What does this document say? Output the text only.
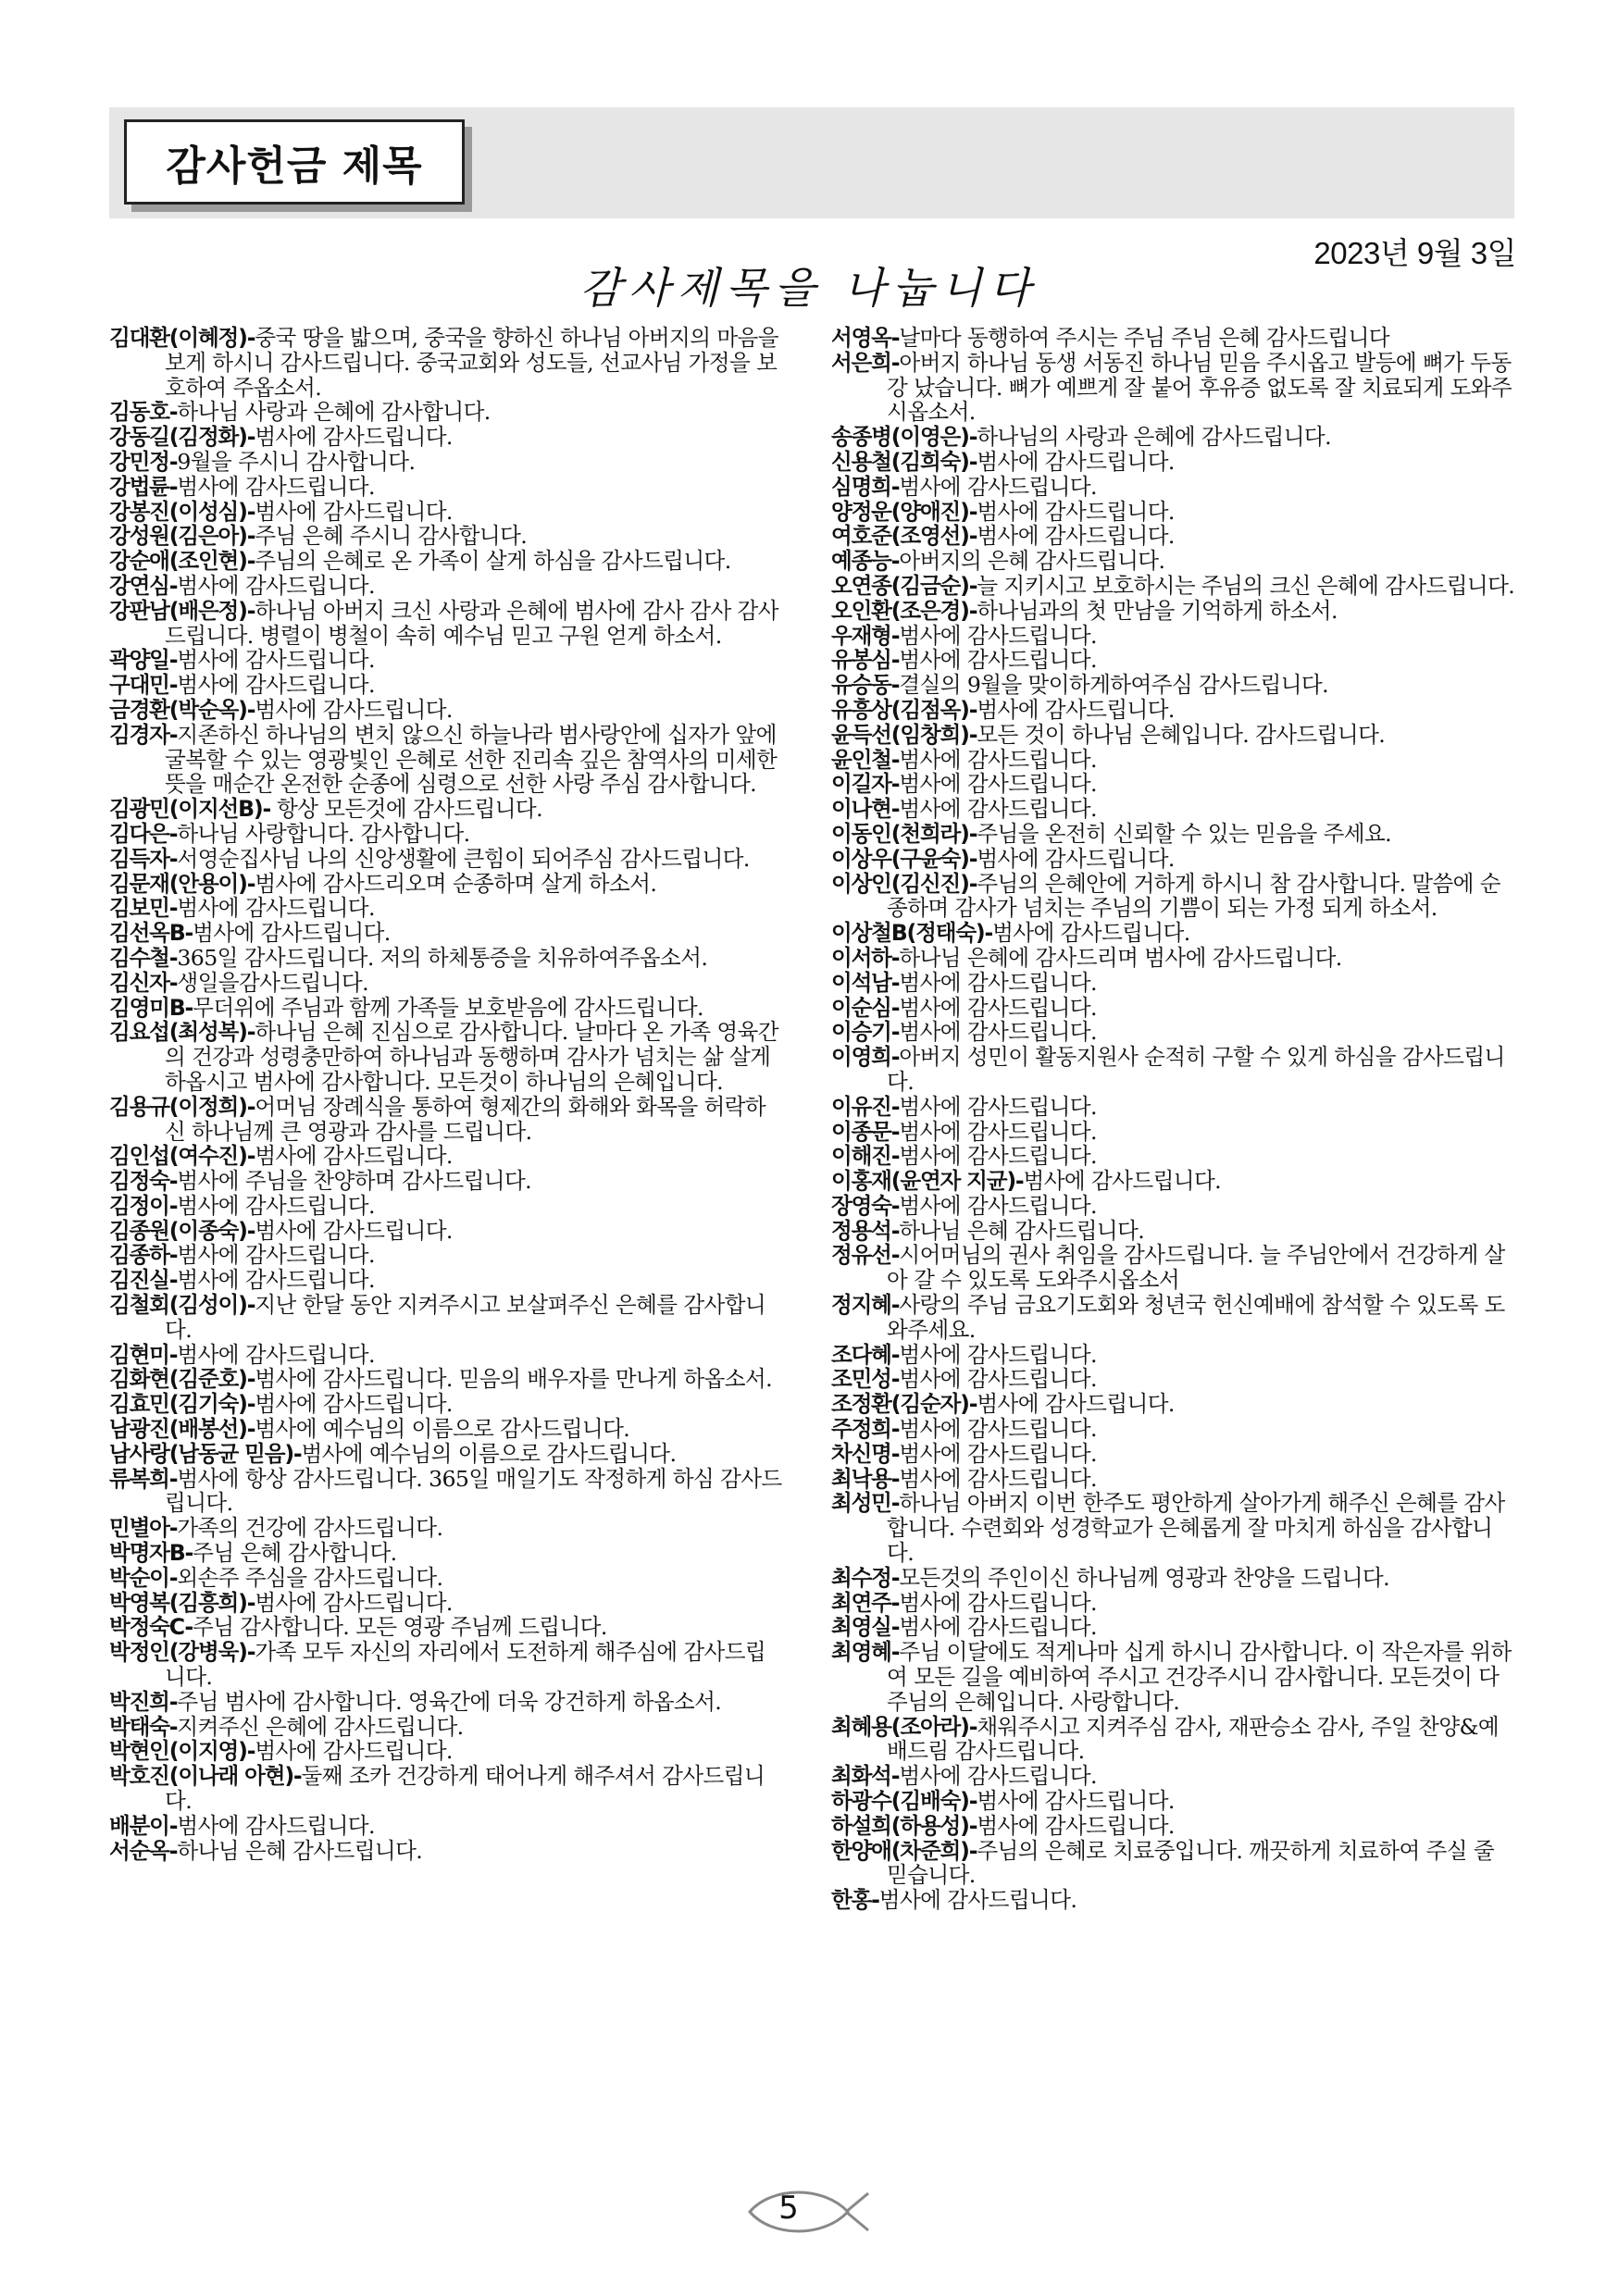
감사헌금 제목
2023년 9월 3일
감사제목을 나눕니다

김대환(이혜정)-중국 땅을 밟으며, 중국을 향하신 하나님 아버지의 마음을 보게 하시니 감사드립니다. 중국교회와 성도들, 선교사님 가정을 보호하여 주옵소서.

김동호-하나님 사랑과 은혜에 감사합니다.

강동길(김정화)-범사에 감사드립니다.

강민정-9월을 주시니 감사합니다.

강법륜-범사에 감사드립니다.

강봉진(이성심)-범사에 감사드립니다.

강성원(김은아)-주님 은혜 주시니 감사합니다.

강순애(조인현)-주님의 은혜로 온 가족이 살게 하심을 감사드립니다.

강연심-범사에 감사드립니다.

강판남(배은정)-하나님 아버지 크신 사랑과 은혜에 범사에 감사 감사 감사드립니다. 병렬이 병철이 속히 예수님 믿고 구원 얻게 하소서.

곽양일-범사에 감사드립니다.

구대민-범사에 감사드립니다.

금경환(박순옥)-범사에 감사드립니다.

김경자-지존하신 하나님의 변치 않으신 하늘나라 범사랑안에 십자가 앞에 굴복할 수 있는 영광빛인 은혜로 선한 진리속 깊은 참역사의 미세한 뜻을 매순간 온전한 순종에 심령으로 선한 사랑 주심 감사합니다.

김광민(이지선B)- 항상 모든것에 감사드립니다.

김다은-하나님 사랑합니다. 감사합니다.

김득자-서영순집사님 나의 신앙생활에 큰힘이 되어주심 감사드립니다.

김문재(안용이)-범사에 감사드리오며 순종하며 살게 하소서.

김보민-범사에 감사드립니다.

김선옥B-범사에 감사드립니다.

김수철-365일 감사드립니다. 저의 하체통증을 치유하여주옵소서.

김신자-생일을감사드립니다.

김영미B-무더위에 주님과 함께 가족들 보호받음에 감사드립니다.

김요섭(최성복)-하나님 은혜 진심으로 감사합니다. 날마다 온 가족 영육간의 건강과 성령충만하여 하나님과 동행하며 감사가 넘치는 삶 살게 하옵시고 범사에 감사합니다. 모든것이 하나님의 은혜입니다.

김용규(이정희)-어머님 장례식을 통하여 형제간의 화해와 화목을 허락하신 하나님께 큰 영광과 감사를 드립니다.

김인섭(여수진)-범사에 감사드립니다.

김정숙-범사에 주님을 찬양하며 감사드립니다.

김정이-범사에 감사드립니다.

김종원(이종숙)-범사에 감사드립니다.

김종하-범사에 감사드립니다.

김진실-범사에 감사드립니다.

김철회(김성이)-지난 한달 동안 지켜주시고 보살펴주신 은혜를 감사합니다.

김현미-범사에 감사드립니다.

김화현(김준호)-범사에 감사드립니다. 믿음의 배우자를 만나게 하옵소서.

김효민(김기숙)-범사에 감사드립니다.

남광진(배봉선)-범사에 예수님의 이름으로 감사드립니다.

남사랑(남동균 믿음)-범사에 예수님의 이름으로 감사드립니다.

류복희-범사에 항상 감사드립니다. 365일 매일기도 작정하게 하심 감사드립니다.

민별아-가족의 건강에 감사드립니다.

박명자B-주님 은혜 감사합니다.

박순이-외손주 주심을 감사드립니다.

박영복(김흥희)-범사에 감사드립니다.

박정숙C-주님 감사합니다. 모든 영광 주님께 드립니다.

박정인(강병욱)-가족 모두 자신의 자리에서 도전하게 해주심에 감사드립니다.

박진희-주님 범사에 감사합니다. 영육간에 더욱 강건하게 하옵소서.

박태숙-지켜주신 은혜에 감사드립니다.

박현인(이지영)-범사에 감사드립니다.

박호진(이나래 아현)-둘째 조카 건강하게 태어나게 해주셔서 감사드립니다.

배분이-범사에 감사드립니다.

서순옥-하나님 은혜 감사드립니다.

서영옥-날마다 동행하여 주시는 주님 주님 은혜 감사드립니다

서은희-아버지 하나님 동생 서동진 하나님 믿음 주시옵고 발등에 뼈가 두동강 났습니다. 뼈가 예쁘게 잘 붙어 후유증 없도록 잘 치료되게 도와주시옵소서.

송종병(이영은)-하나님의 사랑과 은혜에 감사드립니다.

신용철(김희숙)-범사에 감사드립니다.

심명희-범사에 감사드립니다.

양정운(양애진)-범사에 감사드립니다.

여호준(조영선)-범사에 감사드립니다.

예종능-아버지의 은혜 감사드립니다.

오연종(김금순)-늘 지키시고 보호하시는 주님의 크신 은혜에 감사드립니다.

오인환(조은경)-하나님과의 첫 만남을 기억하게 하소서.

우재형-범사에 감사드립니다.

유봉심-범사에 감사드립니다.

유승동-결실의 9월을 맞이하게하여주심 감사드립니다.

유흥상(김점옥)-범사에 감사드립니다.

윤득선(임창희)-모든 것이 하나님 은혜입니다. 감사드립니다.

윤인철-범사에 감사드립니다.

이길자-범사에 감사드립니다.

이나현-범사에 감사드립니다.

이동인(천희라)-주님을 온전히 신뢰할 수 있는 믿음을 주세요.

이상우(구윤숙)-범사에 감사드립니다.

이상인(김신진)-주님의 은혜안에 거하게 하시니 참 감사합니다. 말씀에 순종하며 감사가 넘치는 주님의 기쁨이 되는 가정 되게 하소서.

이상철B(정태숙)-범사에 감사드립니다.

이서하-하나님 은혜에 감사드리며 범사에 감사드립니다.

이석남-범사에 감사드립니다.

이순심-범사에 감사드립니다.

이승기-범사에 감사드립니다.

이영희-아버지 성민이 활동지원사 순적히 구할 수 있게 하심을 감사드립니다.

이유진-범사에 감사드립니다.

이종문-범사에 감사드립니다.

이해진-범사에 감사드립니다.

이홍재(윤연자 지균)-범사에 감사드립니다.

장영숙-범사에 감사드립니다.

정용석-하나님 은혜 감사드립니다.

정유선-시어머님의 권사 취임을 감사드립니다. 늘 주님안에서 건강하게 살아 갈 수 있도록 도와주시옵소서

정지혜-사랑의 주님 금요기도회와 청년국 헌신예배에 참석할 수 있도록 도와주세요.

조다혜-범사에 감사드립니다.

조민성-범사에 감사드립니다.

조정환(김순자)-범사에 감사드립니다.

주정희-범사에 감사드립니다.

차신명-범사에 감사드립니다.

최낙용-범사에 감사드립니다.

최성민-하나님 아버지 이번 한주도 평안하게 살아가게 해주신 은혜를 감사합니다. 수련회와 성경학교가 은혜롭게 잘 마치게 하심을 감사합니다.

최수정-모든것의 주인이신 하나님께 영광과 찬양을 드립니다.

최연주-범사에 감사드립니다.

최영실-범사에 감사드립니다.

최영혜-주님 이달에도 적게나마 십게 하시니 감사합니다. 이 작은자를 위하여 모든 길을 예비하여 주시고 건강주시니 감사합니다. 모든것이 다 주님의 은혜입니다. 사랑합니다.

최혜용(조아라)-채워주시고 지켜주심 감사, 재판승소 감사, 주일 찬양&예배드림 감사드립니다.

최화석-범사에 감사드립니다.

하광수(김배숙)-범사에 감사드립니다.

하설희(하용성)-범사에 감사드립니다.

한양애(차준희)-주님의 은혜로 치료중입니다. 깨끗하게 치료하여 주실 줄 믿습니다.

한홍-범사에 감사드립니다.

5
